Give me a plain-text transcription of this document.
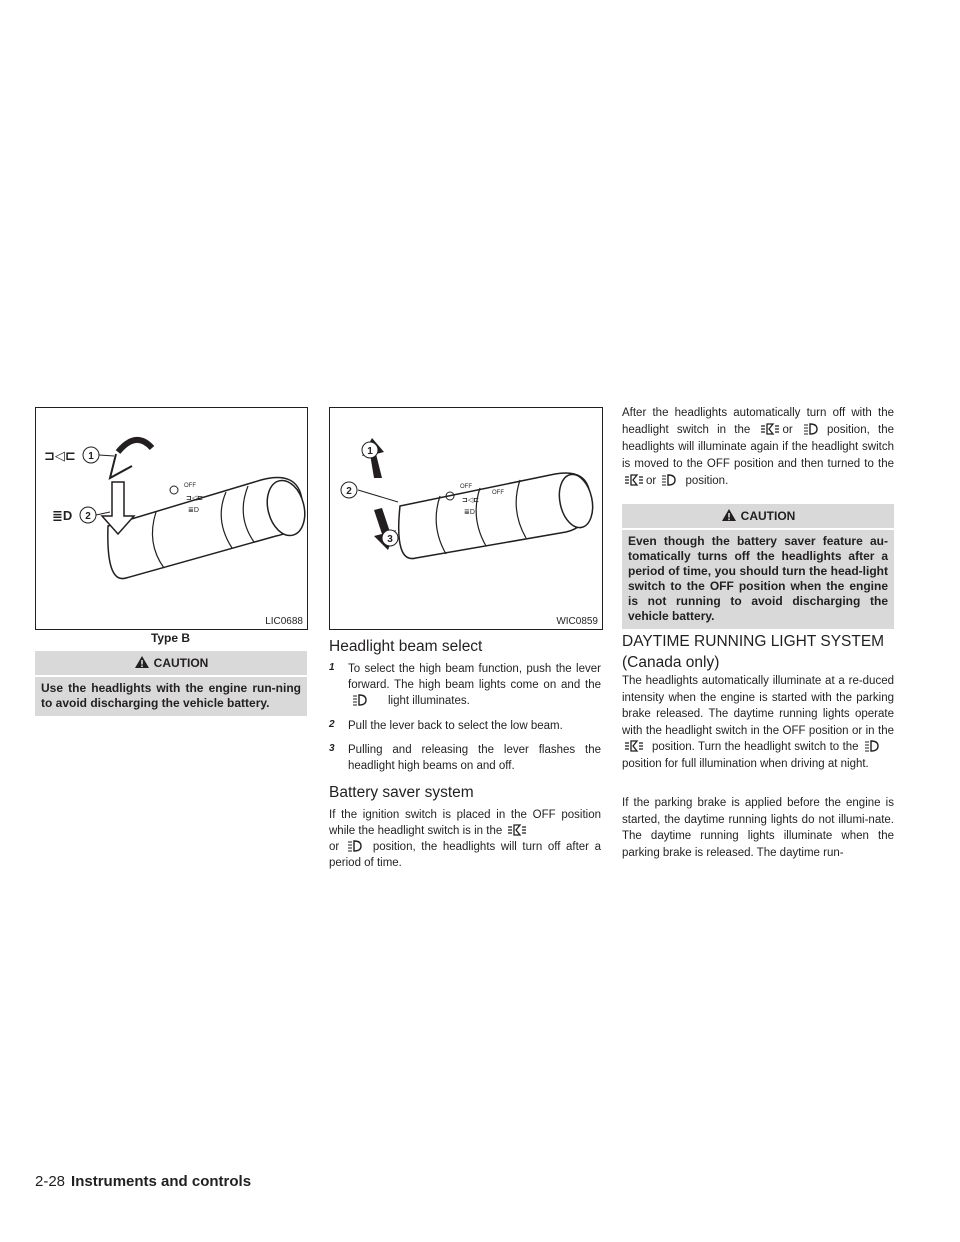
OFF
⊐◁⊏
≣D
1
2
⊐◁⊏
≣D
LIC0688
Type B
CAUTION
Use the headlights with the engine run-ning to avoid discharging the vehicle battery.
OFF
⊐◁⊏
≣D
OFF
1
2
3
WIC0859
Headlight beam select
1	To select the high beam function, push the lever forward. The high beam lights come on and the light illuminates.
2	Pull the lever back to select the low beam.
3	Pulling and releasing the lever flashes the headlight high beams on and off.
Battery saver system

If the ignition switch is placed in the OFF position while the headlight switch is in the
or	position, the headlights will turn off after a period of time.

After the headlights automatically turn off with the headlight switch in the	or	position, the headlights will illuminate again if the headlight switch is moved to the OFF position and then turned to the or	position.

CAUTION
Even though the battery saver feature au-tomatically turns off the headlights after a period of time, you should turn the head-light switch to the OFF position when the engine is not running to avoid discharging the vehicle battery.
DAYTIME RUNNING LIGHT SYSTEM (Canada only)

The headlights automatically illuminate at a re-duced intensity when the engine is started with the parking brake released. The daytime running lights operate with the headlight switch in the OFF position or in the position. Turn the headlight switch to the position for full illumination when driving at night.

If the parking brake is applied before the engine is started, the daytime running lights do not illumi-nate. The daytime running lights illuminate when the parking brake is released. The daytime run-

2-28 Instruments and controls
